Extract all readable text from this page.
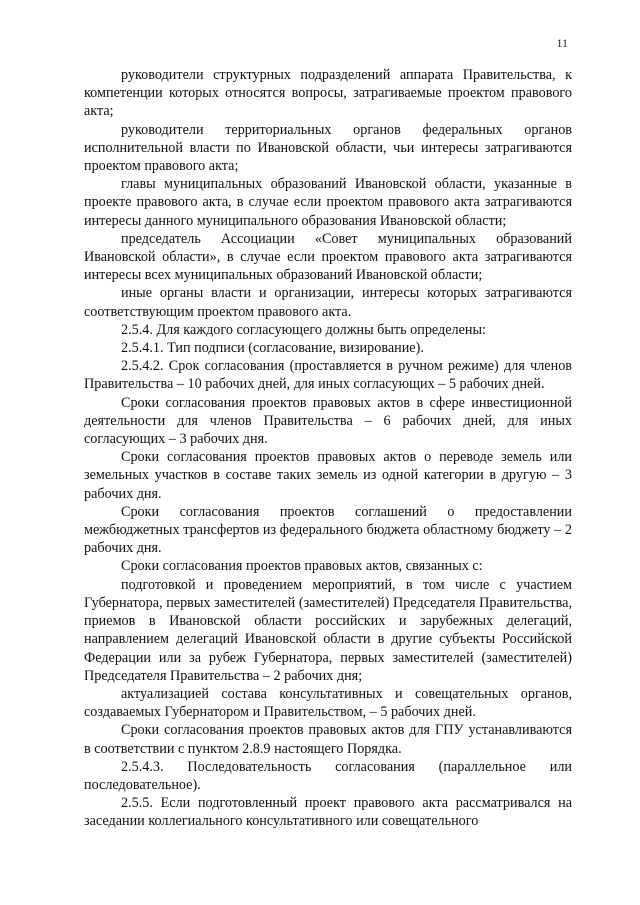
11

руководители структурных подразделений аппарата Правительства, к компетенции которых относятся вопросы, затрагиваемые проектом правового акта;

руководители территориальных органов федеральных органов исполнительной власти по Ивановской области, чьи интересы затрагиваются проектом правового акта;

главы муниципальных образований Ивановской области, указанные в проекте правового акта, в случае если проектом правового акта затрагиваются интересы данного муниципального образования Ивановской области;

председатель Ассоциации «Совет муниципальных образований Ивановской области», в случае если проектом правового акта затрагиваются интересы всех муниципальных образований Ивановской области;

иные органы власти и организации, интересы которых затрагиваются соответствующим проектом правового акта.

2.5.4. Для каждого согласующего должны быть определены:

2.5.4.1. Тип подписи (согласование, визирование).

2.5.4.2. Срок согласования (проставляется в ручном режиме) для членов Правительства – 10 рабочих дней, для иных согласующих – 5 рабочих дней.

Сроки согласования проектов правовых актов в сфере инвестиционной деятельности для членов Правительства – 6 рабочих дней, для иных согласующих – 3 рабочих дня.

Сроки согласования проектов правовых актов о переводе земель или земельных участков в составе таких земель из одной категории в другую – 3 рабочих дня.

Сроки согласования проектов соглашений о предоставлении межбюджетных трансфертов из федерального бюджета областному бюджету – 2 рабочих дня.

Сроки согласования проектов правовых актов, связанных с:

подготовкой и проведением мероприятий, в том числе с участием Губернатора, первых заместителей (заместителей) Председателя Правительства, приемов в Ивановской области российских и зарубежных делегаций, направлением делегаций Ивановской области в другие субъекты Российской Федерации или за рубеж Губернатора, первых заместителей (заместителей) Председателя Правительства – 2 рабочих дня;

актуализацией состава консультативных и совещательных органов, создаваемых Губернатором и Правительством, – 5 рабочих дней.

Сроки согласования проектов правовых актов для ГПУ устанавливаются в соответствии с пунктом 2.8.9 настоящего Порядка.

2.5.4.3. Последовательность согласования (параллельное или последовательное).

2.5.5. Если подготовленный проект правового акта рассматривался на заседании коллегиального консультативного или совещательного
